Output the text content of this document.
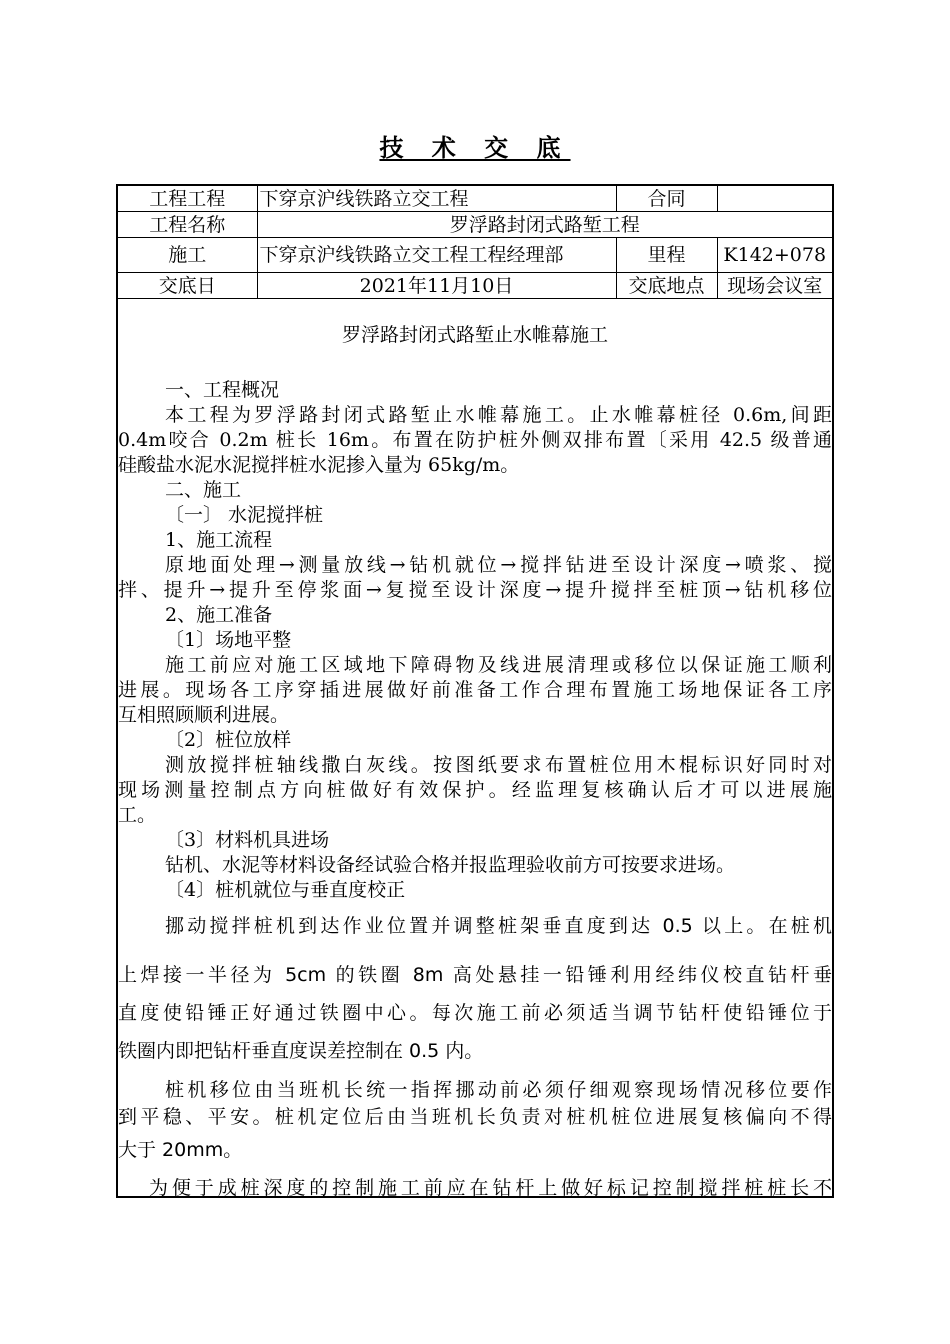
技 术 交 底
工程工程	下穿京沪线铁路立交工程	合同	
工程名称	罗浮路封闭式路堑工程		
施工	下穿京沪线铁路立交工程工程经理部	里程	K142+078
交底日	2021年11月10日	交底地点	现场会议室
罗浮路封闭式路堑止水帷幕施工
一、工程概况
本工程为罗浮路封闭式路堑止水帷幕施工。止水帷幕桩径 0.6m,间距
0.4m咬合 0.2m 桩长 16m。布置在防护桩外侧双排布置〔采用 42.5 级普通
硅酸盐水泥水泥搅拌桩水泥掺入量为 65kg/m。
二、施工
〔一〕 水泥搅拌桩
1、施工流程
原地面处理→测量放线→钻机就位→搅拌钻进至设计深度→喷浆、搅
拌、提升→提升至停浆面→复搅至设计深度→提升搅拌至桩顶→钻机移位
2、施工准备
〔1〕场地平整
施工前应对施工区域地下障碍物及线进展清理或移位以保证施工顺利
进展。现场各工序穿插进展做好前准备工作合理布置施工场地保证各工序
互相照顾顺利进展。
〔2〕桩位放样
测放搅拌桩轴线撒白灰线。按图纸要求布置桩位用木棍标识好同时对
现场测量控制点方向桩做好有效保护。经监理复核确认后才可以进展施
工。
〔3〕材料机具进场
钻机、水泥等材料设备经试验合格并报监理验收前方可按要求进场。
〔4〕桩机就位与垂直度校正
挪动搅拌桩机到达作业位置并调整桩架垂直度到达 0.5 以上。在桩机
上焊接一半径为 5cm 的铁圈 8m 高处悬挂一铅锤利用经纬仪校直钻杆垂
直度使铅锤正好通过铁圈中心。每次施工前必须适当调节钻杆使铅锤位于
铁圈内即把钻杆垂直度误差控制在 0.5 内。
桩机移位由当班机长统一指挥挪动前必须仔细观察现场情况移位要作
到平稳、平安。桩机定位后由当班机长负责对桩机桩位进展复核偏向不得
大于 20mm。
为便于成桩深度的控制施工前应在钻杆上做好标记控制搅拌桩桩长不
